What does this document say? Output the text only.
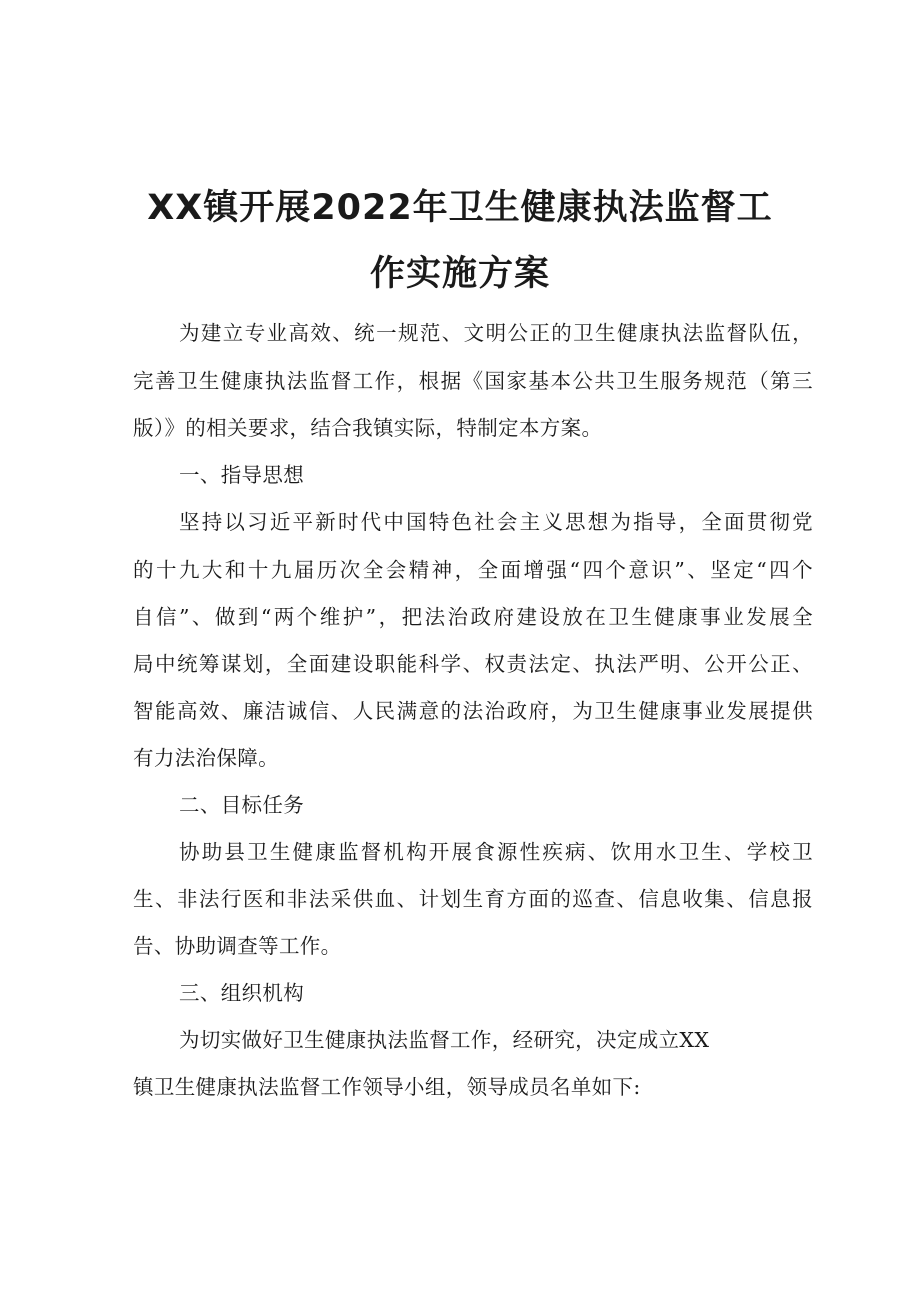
XX镇开展2022年卫生健康执法监督工
作实施方案
为建立专业高效、统一规范、文明公正的卫生健康执法监督队伍，
完善卫生健康执法监督工作，根据《国家基本公共卫生服务规范（第三
版）》的相关要求，结合我镇实际，特制定本方案。
一、指导思想
坚持以习近平新时代中国特色社会主义思想为指导，全面贯彻党
的十九大和十九届历次全会精神，全面增强“四个意识”、坚定“四个
自信”、做到“两个维护”，把法治政府建设放在卫生健康事业发展全
局中统筹谋划，全面建设职能科学、权责法定、执法严明、公开公正、
智能高效、廉洁诚信、人民满意的法治政府，为卫生健康事业发展提供
有力法治保障。
二、目标任务
协助县卫生健康监督机构开展食源性疾病、饮用水卫生、学校卫
生、非法行医和非法采供血、计划生育方面的巡查、信息收集、信息报
告、协助调查等工作。
三、组织机构
为切实做好卫生健康执法监督工作，经研究，决定成立XX
镇卫生健康执法监督工作领导小组，领导成员名单如下:
